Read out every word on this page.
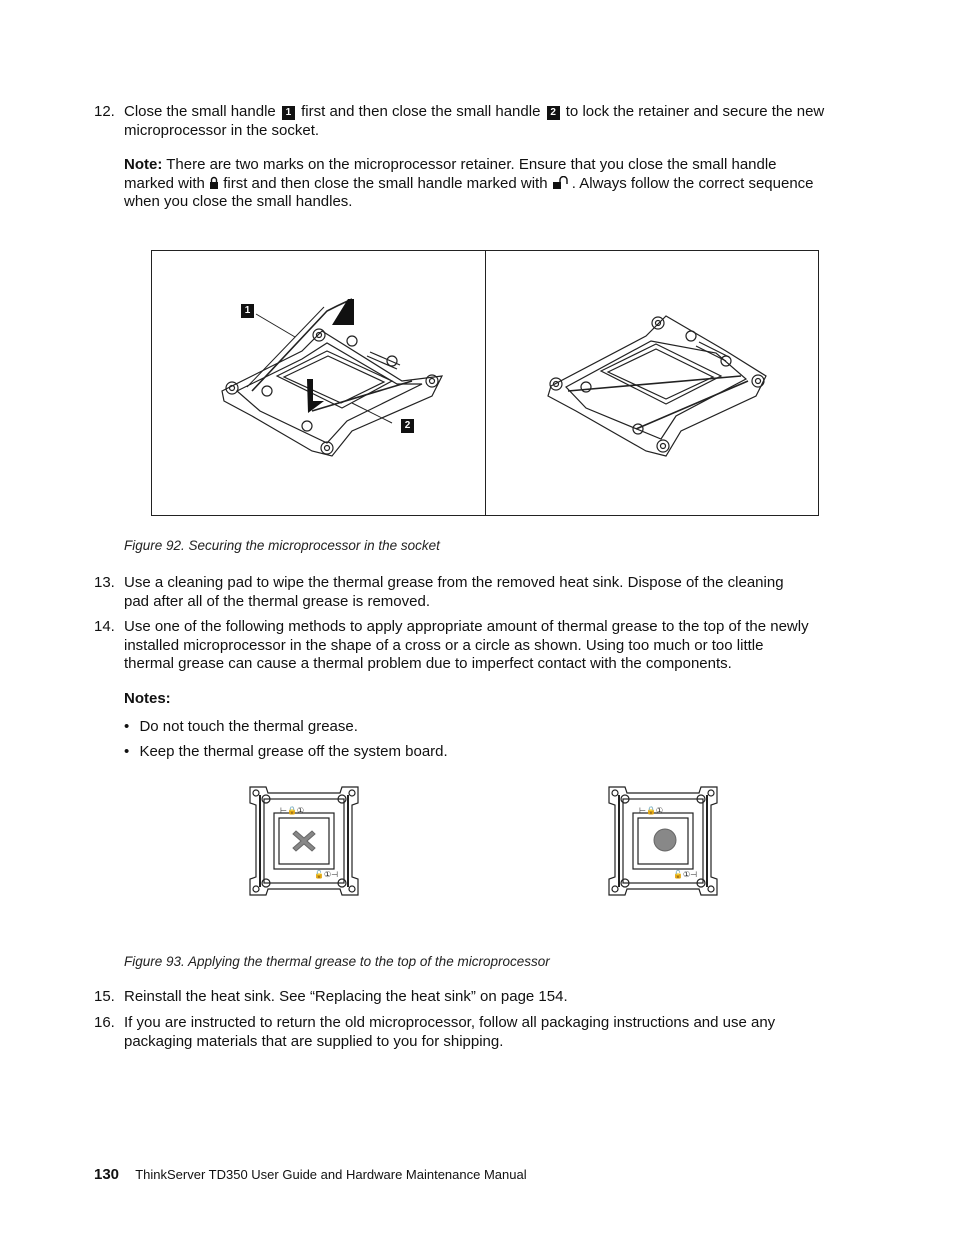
12. Close the small handle 1 first and then close the small handle 2 to lock the retainer and secure the new
microprocessor in the socket.
Note: There are two marks on the microprocessor retainer. Ensure that you close the small handle
marked with first and then close the small handle marked with . Always follow the correct sequence
when you close the small handles.
1
2
Figure 92. Securing the microprocessor in the socket
13. Use a cleaning pad to wipe the thermal grease from the removed heat sink. Dispose of the cleaning
pad after all of the thermal grease is removed.
14. Use one of the following methods to apply appropriate amount of thermal grease to the top of the newly
installed microprocessor in the shape of a cross or a circle as shown. Using too much or too little
thermal grease can cause a thermal problem due to imperfect contact with the components.
Notes:
• Do not touch the thermal grease.
• Keep the thermal grease off the system board.
⊢🔒①
🔓①⊣
⊢🔒①
🔓①⊣
Figure 93. Applying the thermal grease to the top of the microprocessor
15. Reinstall the heat sink. See “Replacing the heat sink” on page 154.
16. If you are instructed to return the old microprocessor, follow all packaging instructions and use any
packaging materials that are supplied to you for shipping.
130 ThinkServer TD350 User Guide and Hardware Maintenance Manual
